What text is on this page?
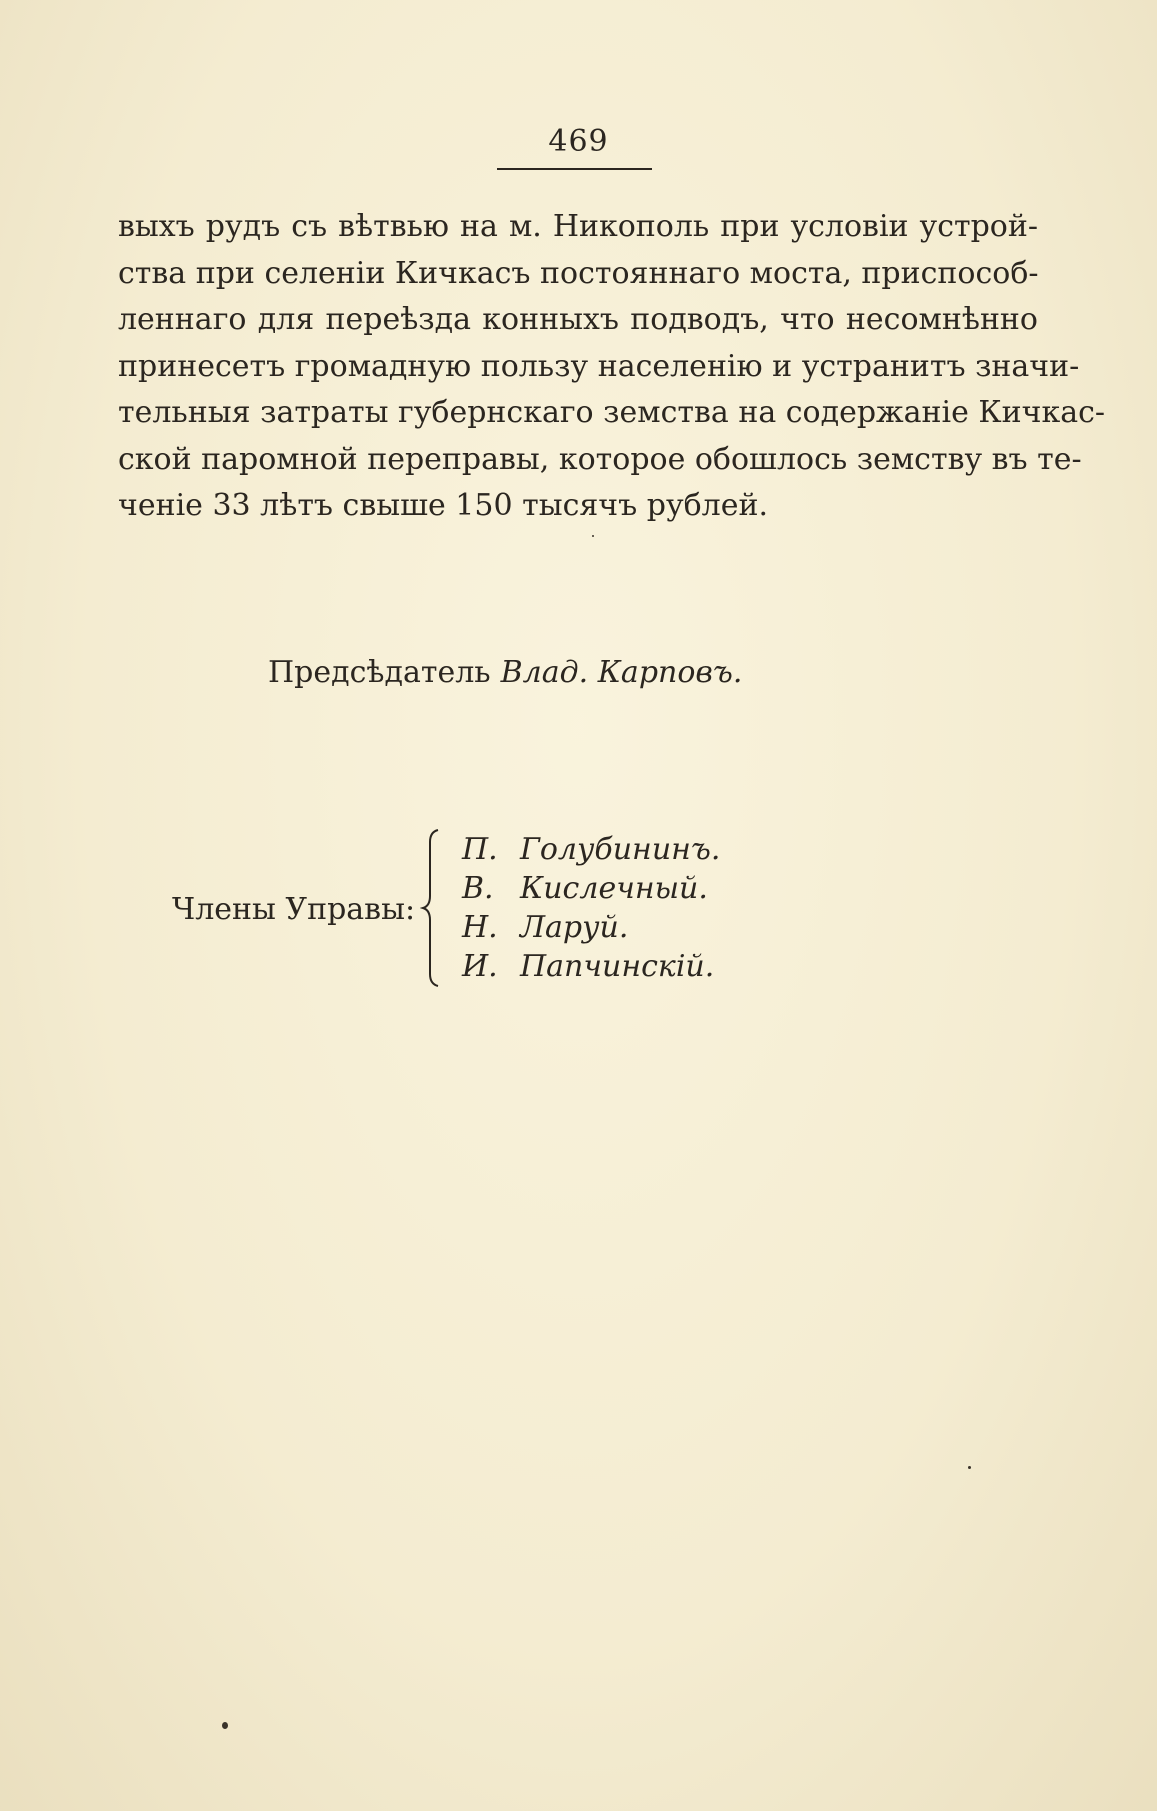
469
выхъ рудъ съ вѣтвью на м. Никополь при условіи устрой-
ства при селеніи Кичкасъ постояннаго моста, приспособ-
леннаго для переѣзда конныхъ подводъ, что несомнѣнно
принесетъ громадную пользу населенію и устранитъ значи-
тельныя затраты губернскаго земства на содержаніе Кичкас-
ской паромной переправы, которое обошлось земству въ те-
ченіе 33 лѣтъ свыше 150 тысячъ рублей.
Предсѣдатель Влад. Карповъ.
Члены Управы:
П. Голубининъ.
В. Кислечный.
Н. Ларуй.
И. Папчинскій.
